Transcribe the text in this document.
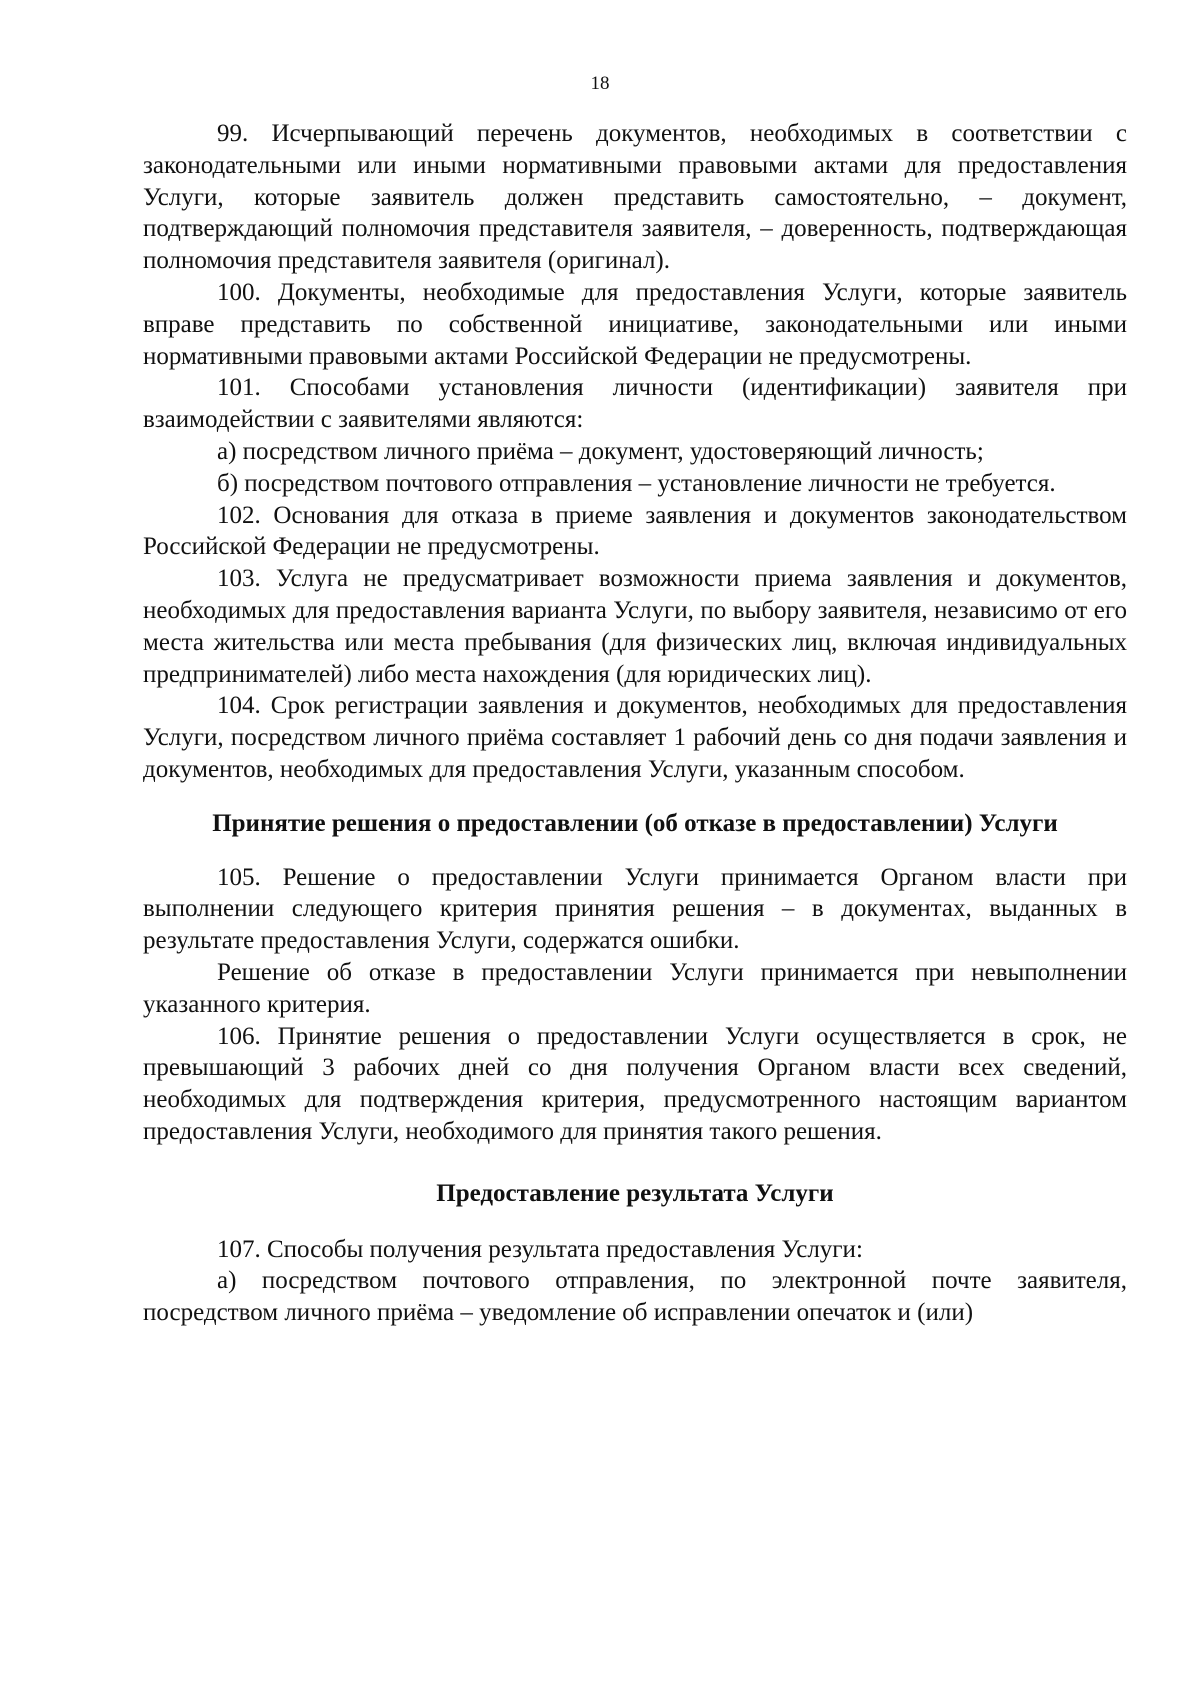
18

99. Исчерпывающий перечень документов, необходимых в соответствии с законодательными или иными нормативными правовыми актами для предоставления Услуги, которые заявитель должен представить самостоятельно, – документ, подтверждающий полномочия представителя заявителя, – доверенность, подтверждающая полномочия представителя заявителя (оригинал).

100. Документы, необходимые для предоставления Услуги, которые заявитель вправе представить по собственной инициативе, законодательными или иными нормативными правовыми актами Российской Федерации не предусмотрены.

101. Способами установления личности (идентификации) заявителя при взаимодействии с заявителями являются:

а) посредством личного приёма – документ, удостоверяющий личность;

б) посредством почтового отправления – установление личности не требуется.

102. Основания для отказа в приеме заявления и документов законодательством Российской Федерации не предусмотрены.

103. Услуга не предусматривает возможности приема заявления и документов, необходимых для предоставления варианта Услуги, по выбору заявителя, независимо от его места жительства или места пребывания (для физических лиц, включая индивидуальных предпринимателей) либо места нахождения (для юридических лиц).

104. Срок регистрации заявления и документов, необходимых для предоставления Услуги, посредством личного приёма составляет 1 рабочий день со дня подачи заявления и документов, необходимых для предоставления Услуги, указанным способом.

Принятие решения о предоставлении (об отказе в предоставлении) Услуги

105. Решение о предоставлении Услуги принимается Органом власти при выполнении следующего критерия принятия решения – в документах, выданных в результате предоставления Услуги, содержатся ошибки.

Решение об отказе в предоставлении Услуги принимается при невыполнении указанного критерия.

106. Принятие решения о предоставлении Услуги осуществляется в срок, не превышающий 3 рабочих дней со дня получения Органом власти всех сведений, необходимых для подтверждения критерия, предусмотренного настоящим вариантом предоставления Услуги, необходимого для принятия такого решения.

Предоставление результата Услуги

107. Способы получения результата предоставления Услуги:

а) посредством почтового отправления, по электронной почте заявителя, посредством личного приёма – уведомление об исправлении опечаток и (или)
